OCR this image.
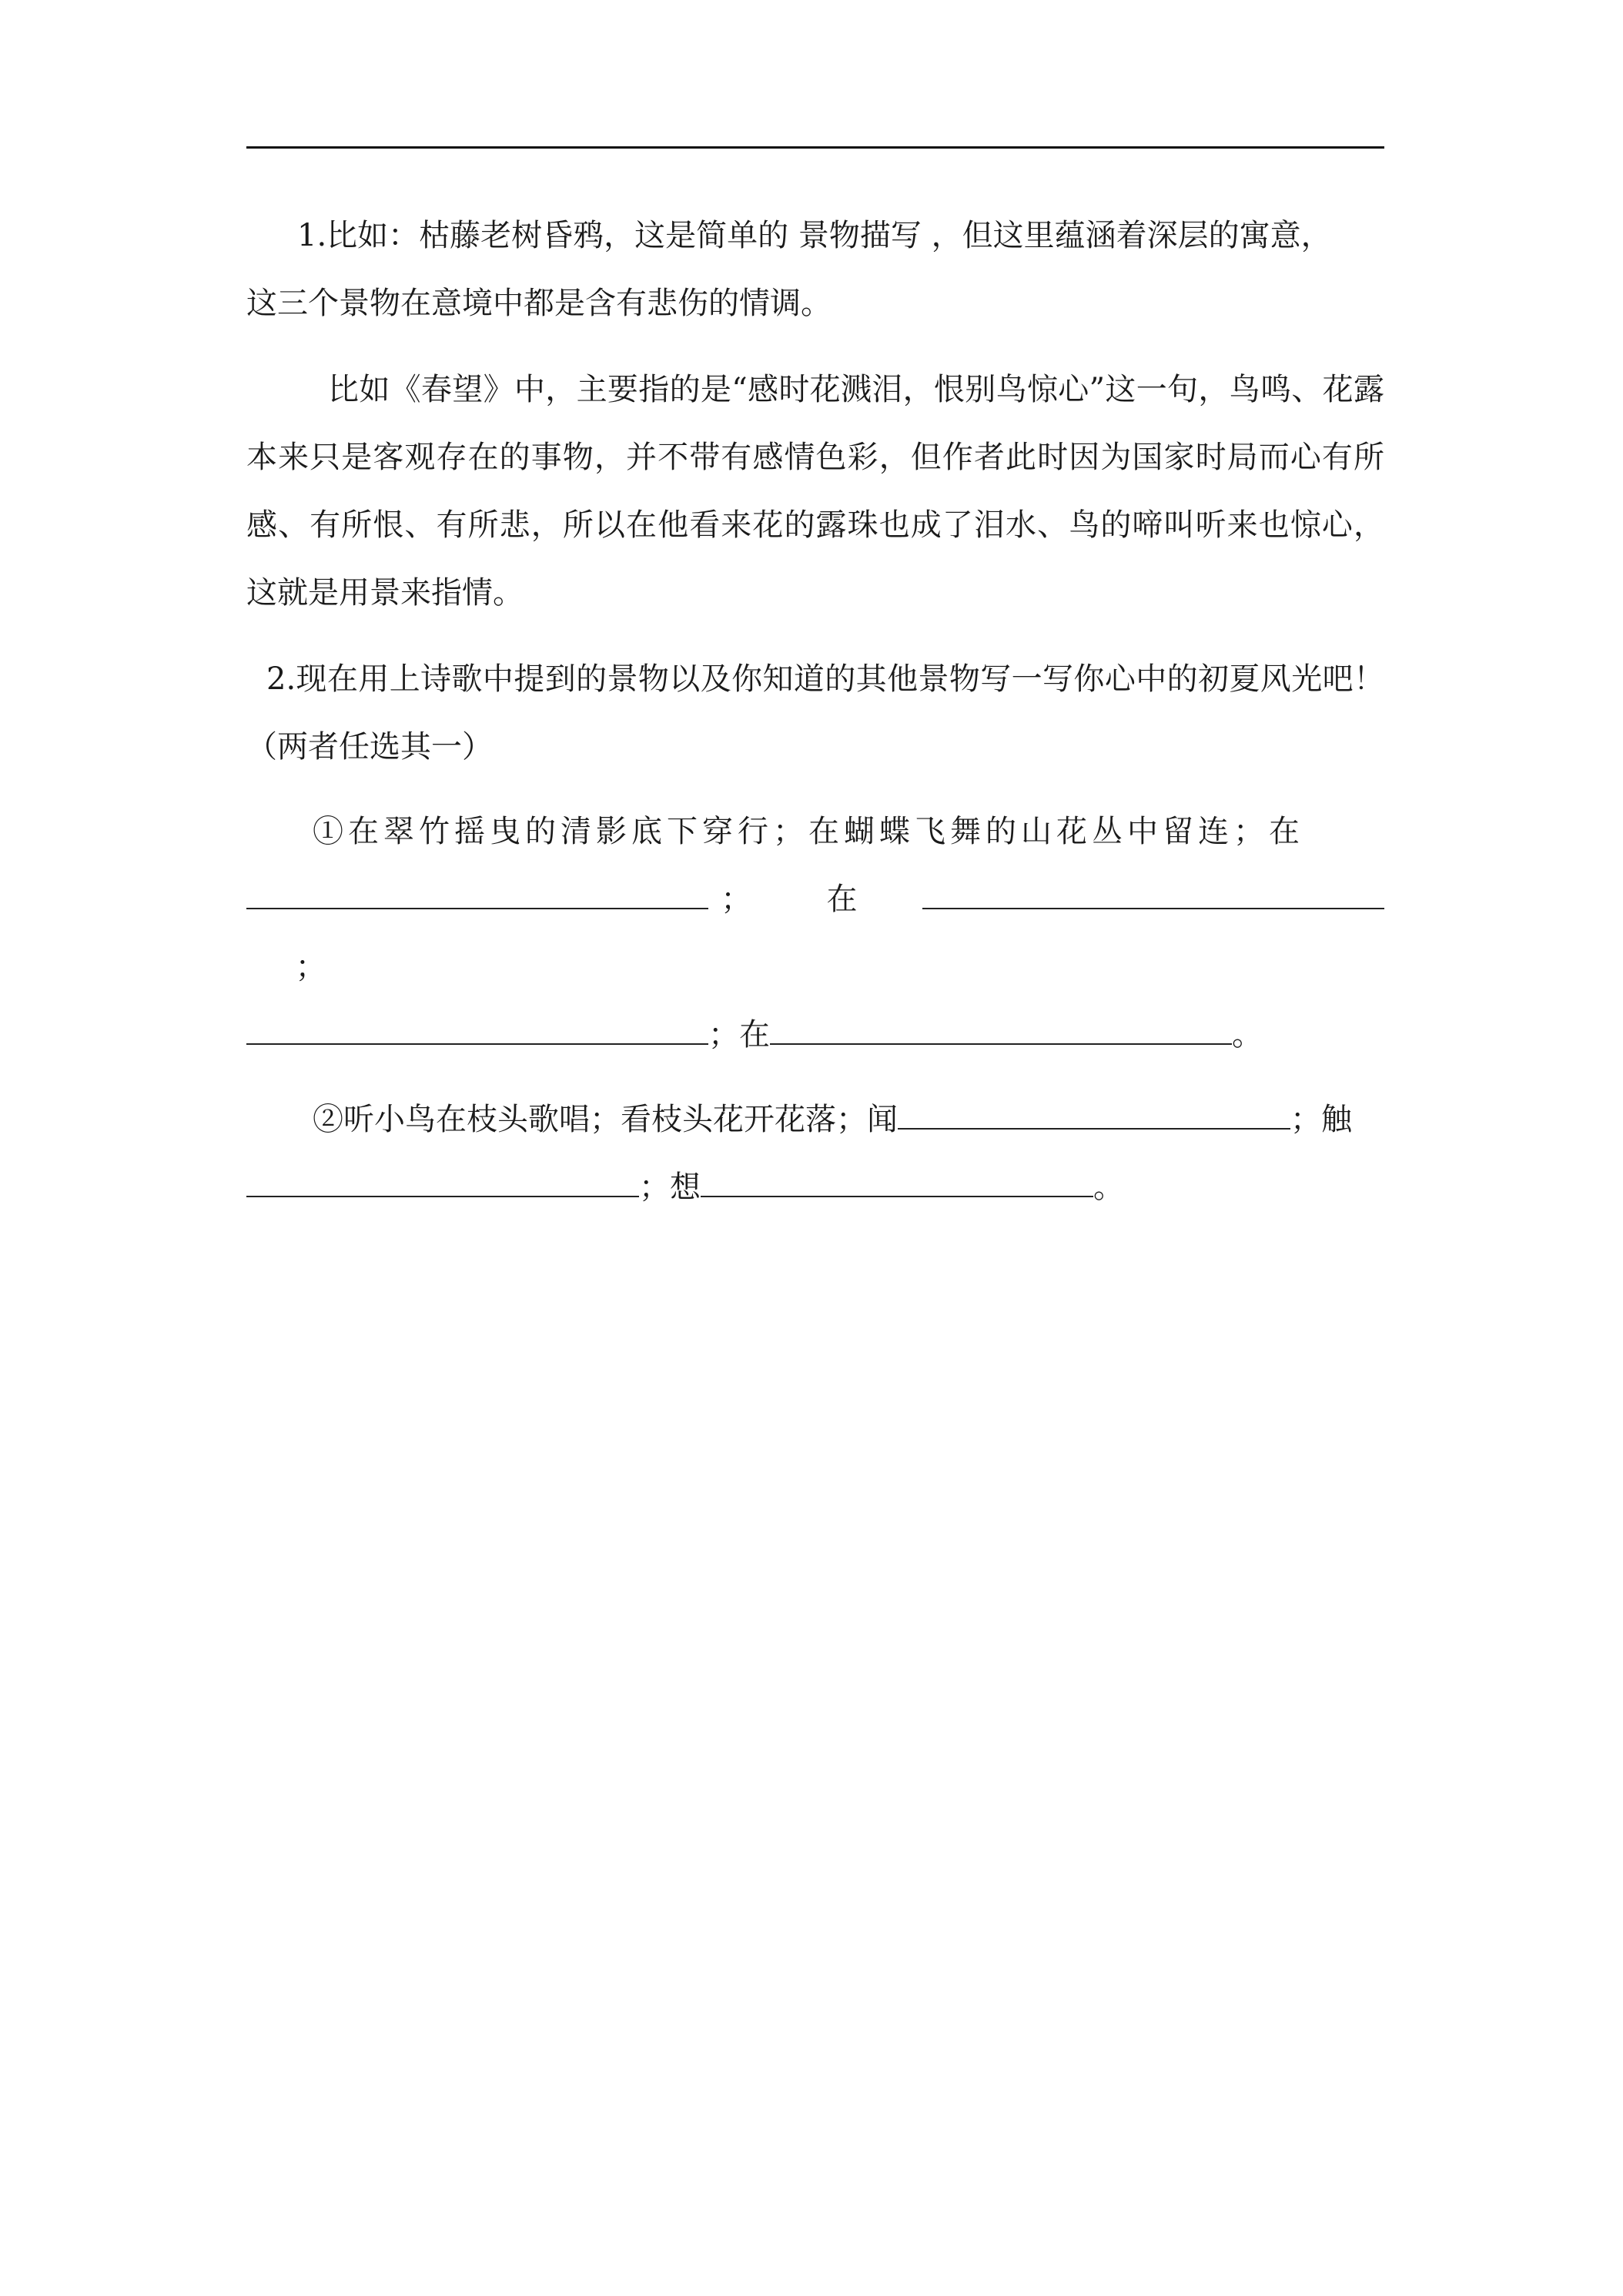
1.比如：枯藤老树昏鸦，这是简单的 景物描写 ，但这里蕴涵着深层的寓意，
这三个景物在意境中都是含有悲伤的情调。

比如《春望》中，主要指的是“感时花溅泪，恨别鸟惊心”这一句，鸟鸣、花露本来只是客观存在的事物，并不带有感情色彩，但作者此时因为国家时局而心有所感、有所恨、有所悲，所以在他看来花的露珠也成了泪水、鸟的啼叫听来也惊心，这就是用景来指情。

2.现在用上诗歌中提到的景物以及你知道的其他景物写一写你心中的初夏风光吧！（两者任选其一）

①在翠竹摇曳的清影底下穿行；在蝴蝶飞舞的山花丛中留连；在
； 在          ；
；在	。

②听小鸟在枝头歌唱；看枝头花开花落；闻	；触
；想	。
